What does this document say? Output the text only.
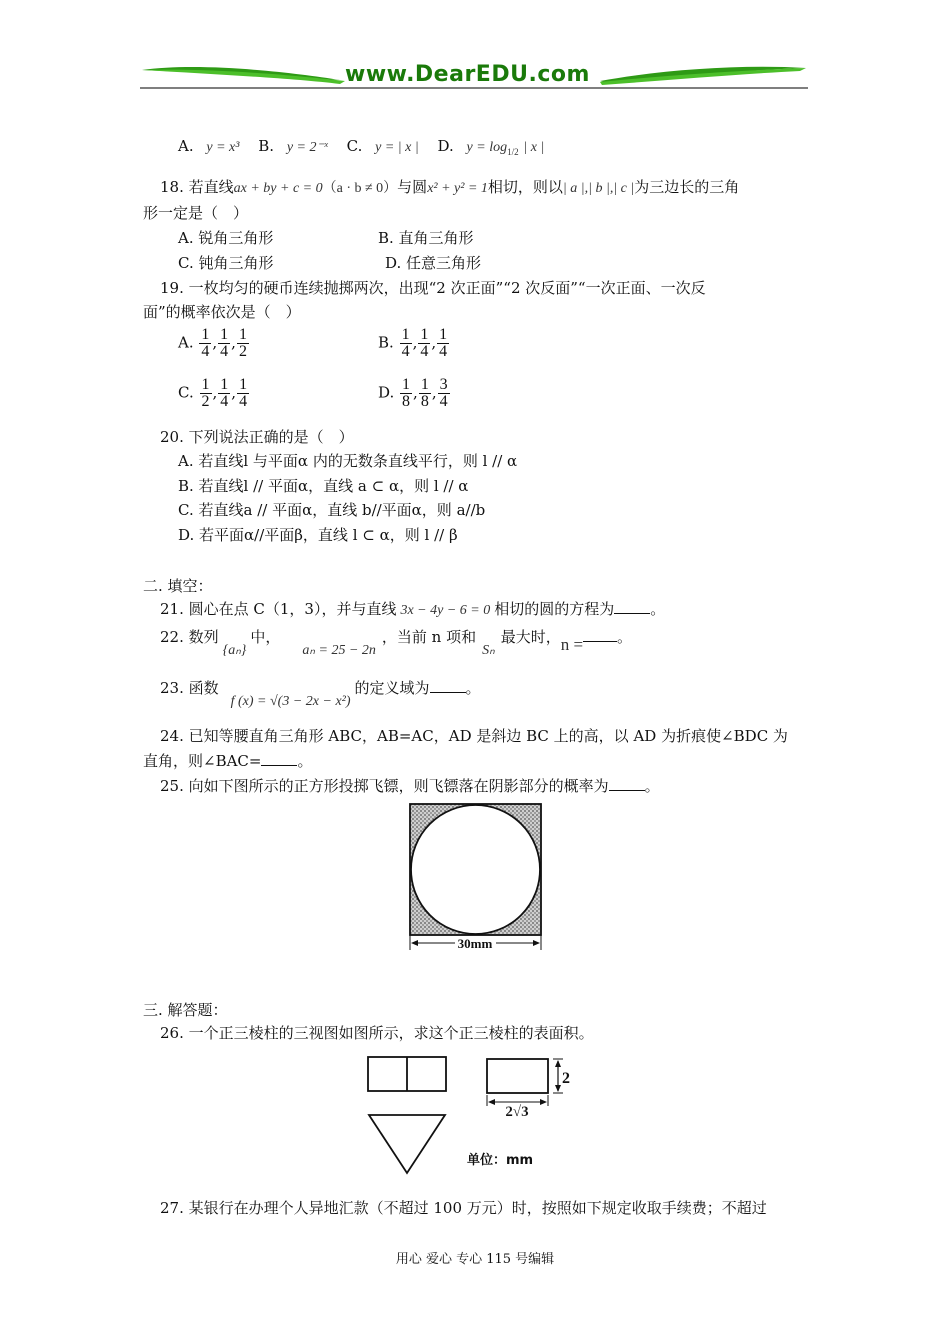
www.DearEDU.com
A. y = x³ B. y = 2⁻ˣ C. y = | x | D. $y = \log_{1/2}$ | x |
18. 若直线ax + by + c = 0（a · b ≠ 0）与圆x² + y² = 1相切，则以| a |,| b |,| c |为三边长的三角
形一定是（　）
A. 锐角三角形	B. 直角三角形
C. 钝角三角形	D. 任意三角形
19. 一枚均匀的硬币连续抛掷两次，出现“2 次正面”“2 次反面”“一次正面、一次反
面”的概率依次是（　）
A. $\frac{1}{4}$ , $\frac{1}{4}$ , $\frac{1}{2}$	B. $\frac{1}{4}$ , $\frac{1}{4}$ , $\frac{1}{4}$
C. $\frac{1}{2}$ , $\frac{1}{4}$ , $\frac{1}{4}$	D. $\frac{1}{8}$ , $\frac{1}{8}$ , $\frac{3}{4}$
20. 下列说法正确的是（　）
A. 若直线l 与平面α 内的无数条直线平行，则 l // α
B. 若直线l // 平面α，直线 a ⊂ α，则 l // α
C. 若直线a // 平面α，直线 b//平面α，则 a//b
D. 若平面α//平面β，直线 l ⊂ α，则 l // β
二. 填空：
21. 圆心在点 C（1，3），并与直线 3x − 4y − 6 = 0 相切的圆的方程为 。
22. 数列{aₙ}中，aₙ = 25 − 2n，当前 n 项和Sₙ最大时，n = 。
23. 函数f (x) = √(3 − 2x − x²)的定义域为 。
24. 已知等腰直角三角形 ABC，AB=AC，AD 是斜边 BC 上的高，以 AD 为折痕使∠BDC 为
直角，则∠BAC= 。
25. 向如下图所示的正方形投掷飞镖，则飞镖落在阴影部分的概率为 。
30mm
三. 解答题：
26. 一个正三棱柱的三视图如图所示，求这个正三棱柱的表面积。
2
2√3
单位：mm
27. 某银行在办理个人异地汇款（不超过 100 万元）时，按照如下规定收取手续费；不超过
用心 爱心 专心 115 号编辑
